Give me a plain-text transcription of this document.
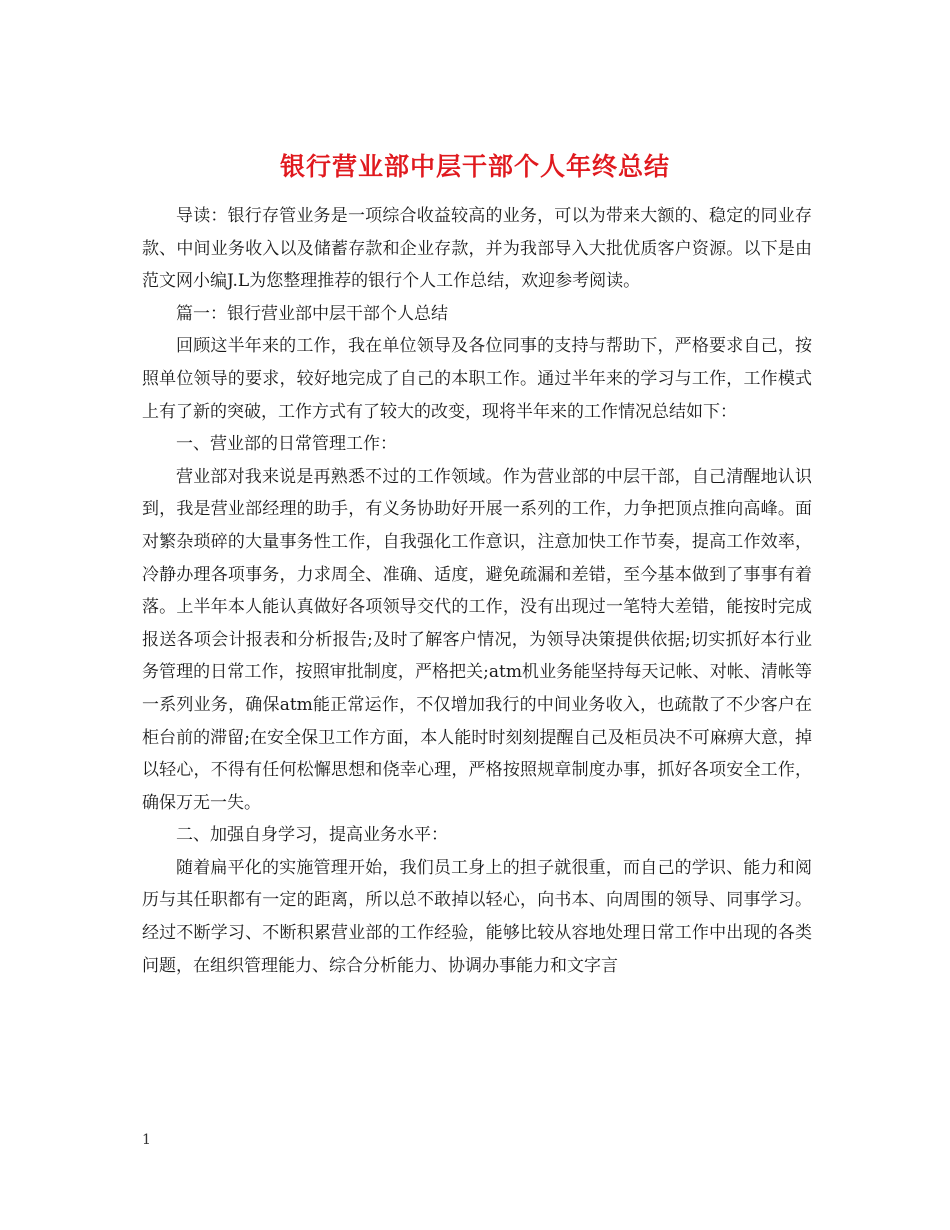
银行营业部中层干部个人年终总结

导读：银行存管业务是一项综合收益较高的业务，可以为带来大额的、稳定的同业存款、中间业务收入以及储蓄存款和企业存款，并为我部导入大批优质客户资源。以下是由范文网小编J.L为您整理推荐的银行个人工作总结，欢迎参考阅读。

篇一：银行营业部中层干部个人总结

回顾这半年来的工作，我在单位领导及各位同事的支持与帮助下，严格要求自己，按照单位领导的要求，较好地完成了自己的本职工作。通过半年来的学习与工作，工作模式上有了新的突破，工作方式有了较大的改变，现将半年来的工作情况总结如下：

一、营业部的日常管理工作：

营业部对我来说是再熟悉不过的工作领域。作为营业部的中层干部，自己清醒地认识到，我是营业部经理的助手，有义务协助好开展一系列的工作，力争把顶点推向高峰。面对繁杂琐碎的大量事务性工作，自我强化工作意识，注意加快工作节奏，提高工作效率，冷静办理各项事务，力求周全、准确、适度，避免疏漏和差错，至今基本做到了事事有着落。上半年本人能认真做好各项领导交代的工作，没有出现过一笔特大差错，能按时完成报送各项会计报表和分析报告;及时了解客户情况，为领导决策提供依据;切实抓好本行业务管理的日常工作，按照审批制度，严格把关;atm机业务能坚持每天记帐、对帐、清帐等一系列业务，确保atm能正常运作，不仅增加我行的中间业务收入，也疏散了不少客户在柜台前的滞留;在安全保卫工作方面，本人能时时刻刻提醒自己及柜员决不可麻痹大意，掉以轻心，不得有任何松懈思想和侥幸心理，严格按照规章制度办事，抓好各项安全工作，确保万无一失。

二、加强自身学习，提高业务水平：

随着扁平化的实施管理开始，我们员工身上的担子就很重，而自己的学识、能力和阅历与其任职都有一定的距离，所以总不敢掉以轻心，向书本、向周围的领导、同事学习。经过不断学习、不断积累营业部的工作经验，能够比较从容地处理日常工作中出现的各类问题，在组织管理能力、综合分析能力、协调办事能力和文字言

1
